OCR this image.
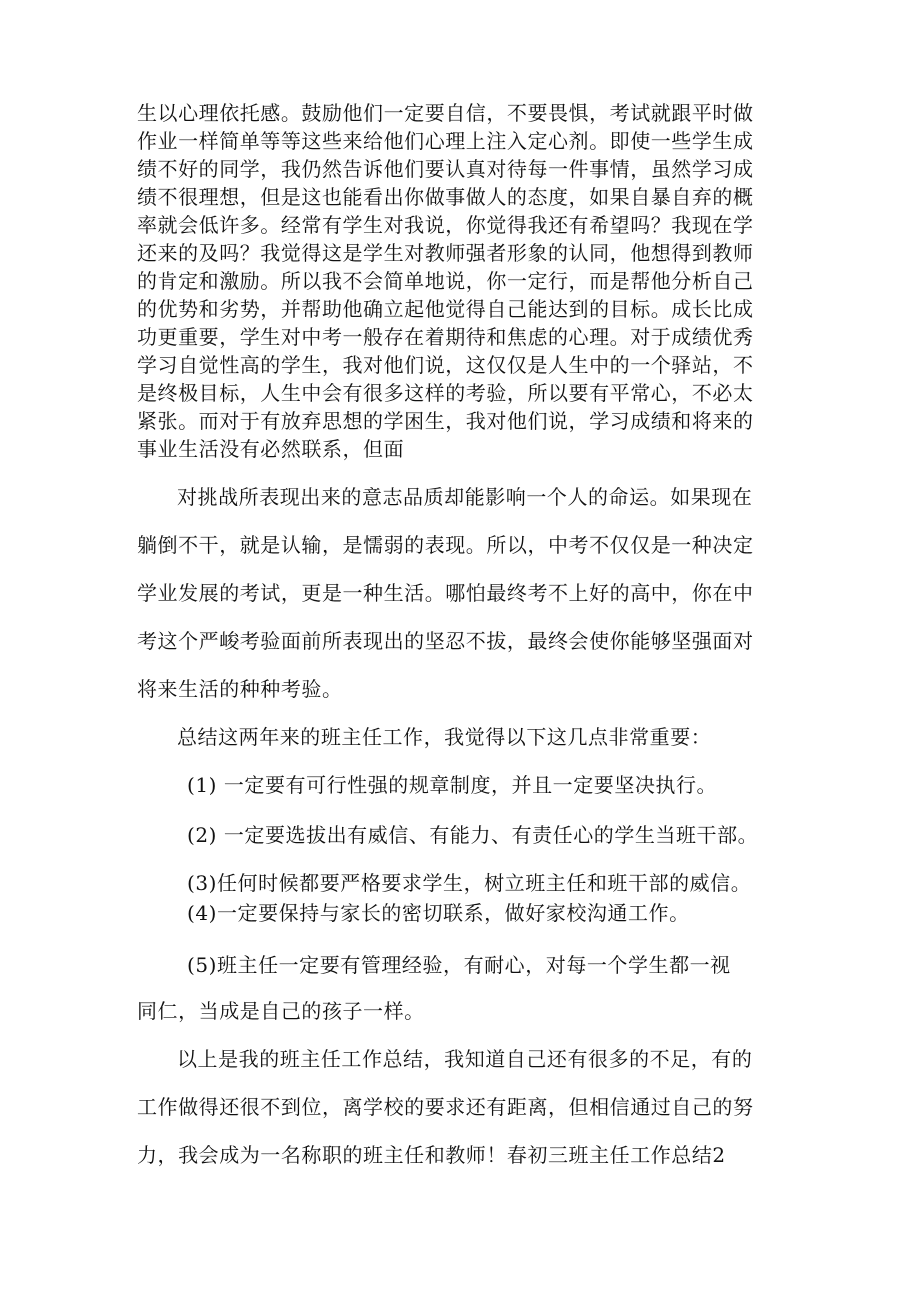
生以心理依托感。鼓励他们一定要自信，不要畏惧，考试就跟平时做
作业一样简单等等这些来给他们心理上注入定心剂。即使一些学生成
绩不好的同学，我仍然告诉他们要认真对待每一件事情，虽然学习成
绩不很理想，但是这也能看出你做事做人的态度，如果自暴自弃的概
率就会低许多。经常有学生对我说，你觉得我还有希望吗？我现在学
还来的及吗？我觉得这是学生对教师强者形象的认同，他想得到教师
的肯定和激励。所以我不会简单地说，你一定行，而是帮他分析自己
的优势和劣势，并帮助他确立起他觉得自己能达到的目标。成长比成
功更重要，学生对中考一般存在着期待和焦虑的心理。对于成绩优秀
学习自觉性高的学生，我对他们说，这仅仅是人生中的一个驿站，不
是终极目标，人生中会有很多这样的考验，所以要有平常心，不必太
紧张。而对于有放弃思想的学困生，我对他们说，学习成绩和将来的
事业生活没有必然联系，但面
对挑战所表现出来的意志品质却能影响一个人的命运。如果现在
躺倒不干，就是认输，是懦弱的表现。所以，中考不仅仅是一种决定
学业发展的考试，更是一种生活。哪怕最终考不上好的高中，你在中
考这个严峻考验面前所表现出的坚忍不拔，最终会使你能够坚强面对
将来生活的种种考验。
总结这两年来的班主任工作，我觉得以下这几点非常重要：
(1) 一定要有可行性强的规章制度，并且一定要坚决执行。
(2) 一定要选拔出有威信、有能力、有责任心的学生当班干部。
(3)任何时候都要严格要求学生，树立班主任和班干部的威信。
(4)一定要保持与家长的密切联系，做好家校沟通工作。
(5)班主任一定要有管理经验，有耐心，对每一个学生都一视
同仁，当成是自己的孩子一样。
以上是我的班主任工作总结，我知道自己还有很多的不足，有的
工作做得还很不到位，离学校的要求还有距离，但相信通过自己的努
力，我会成为一名称职的班主任和教师！春初三班主任工作总结2
